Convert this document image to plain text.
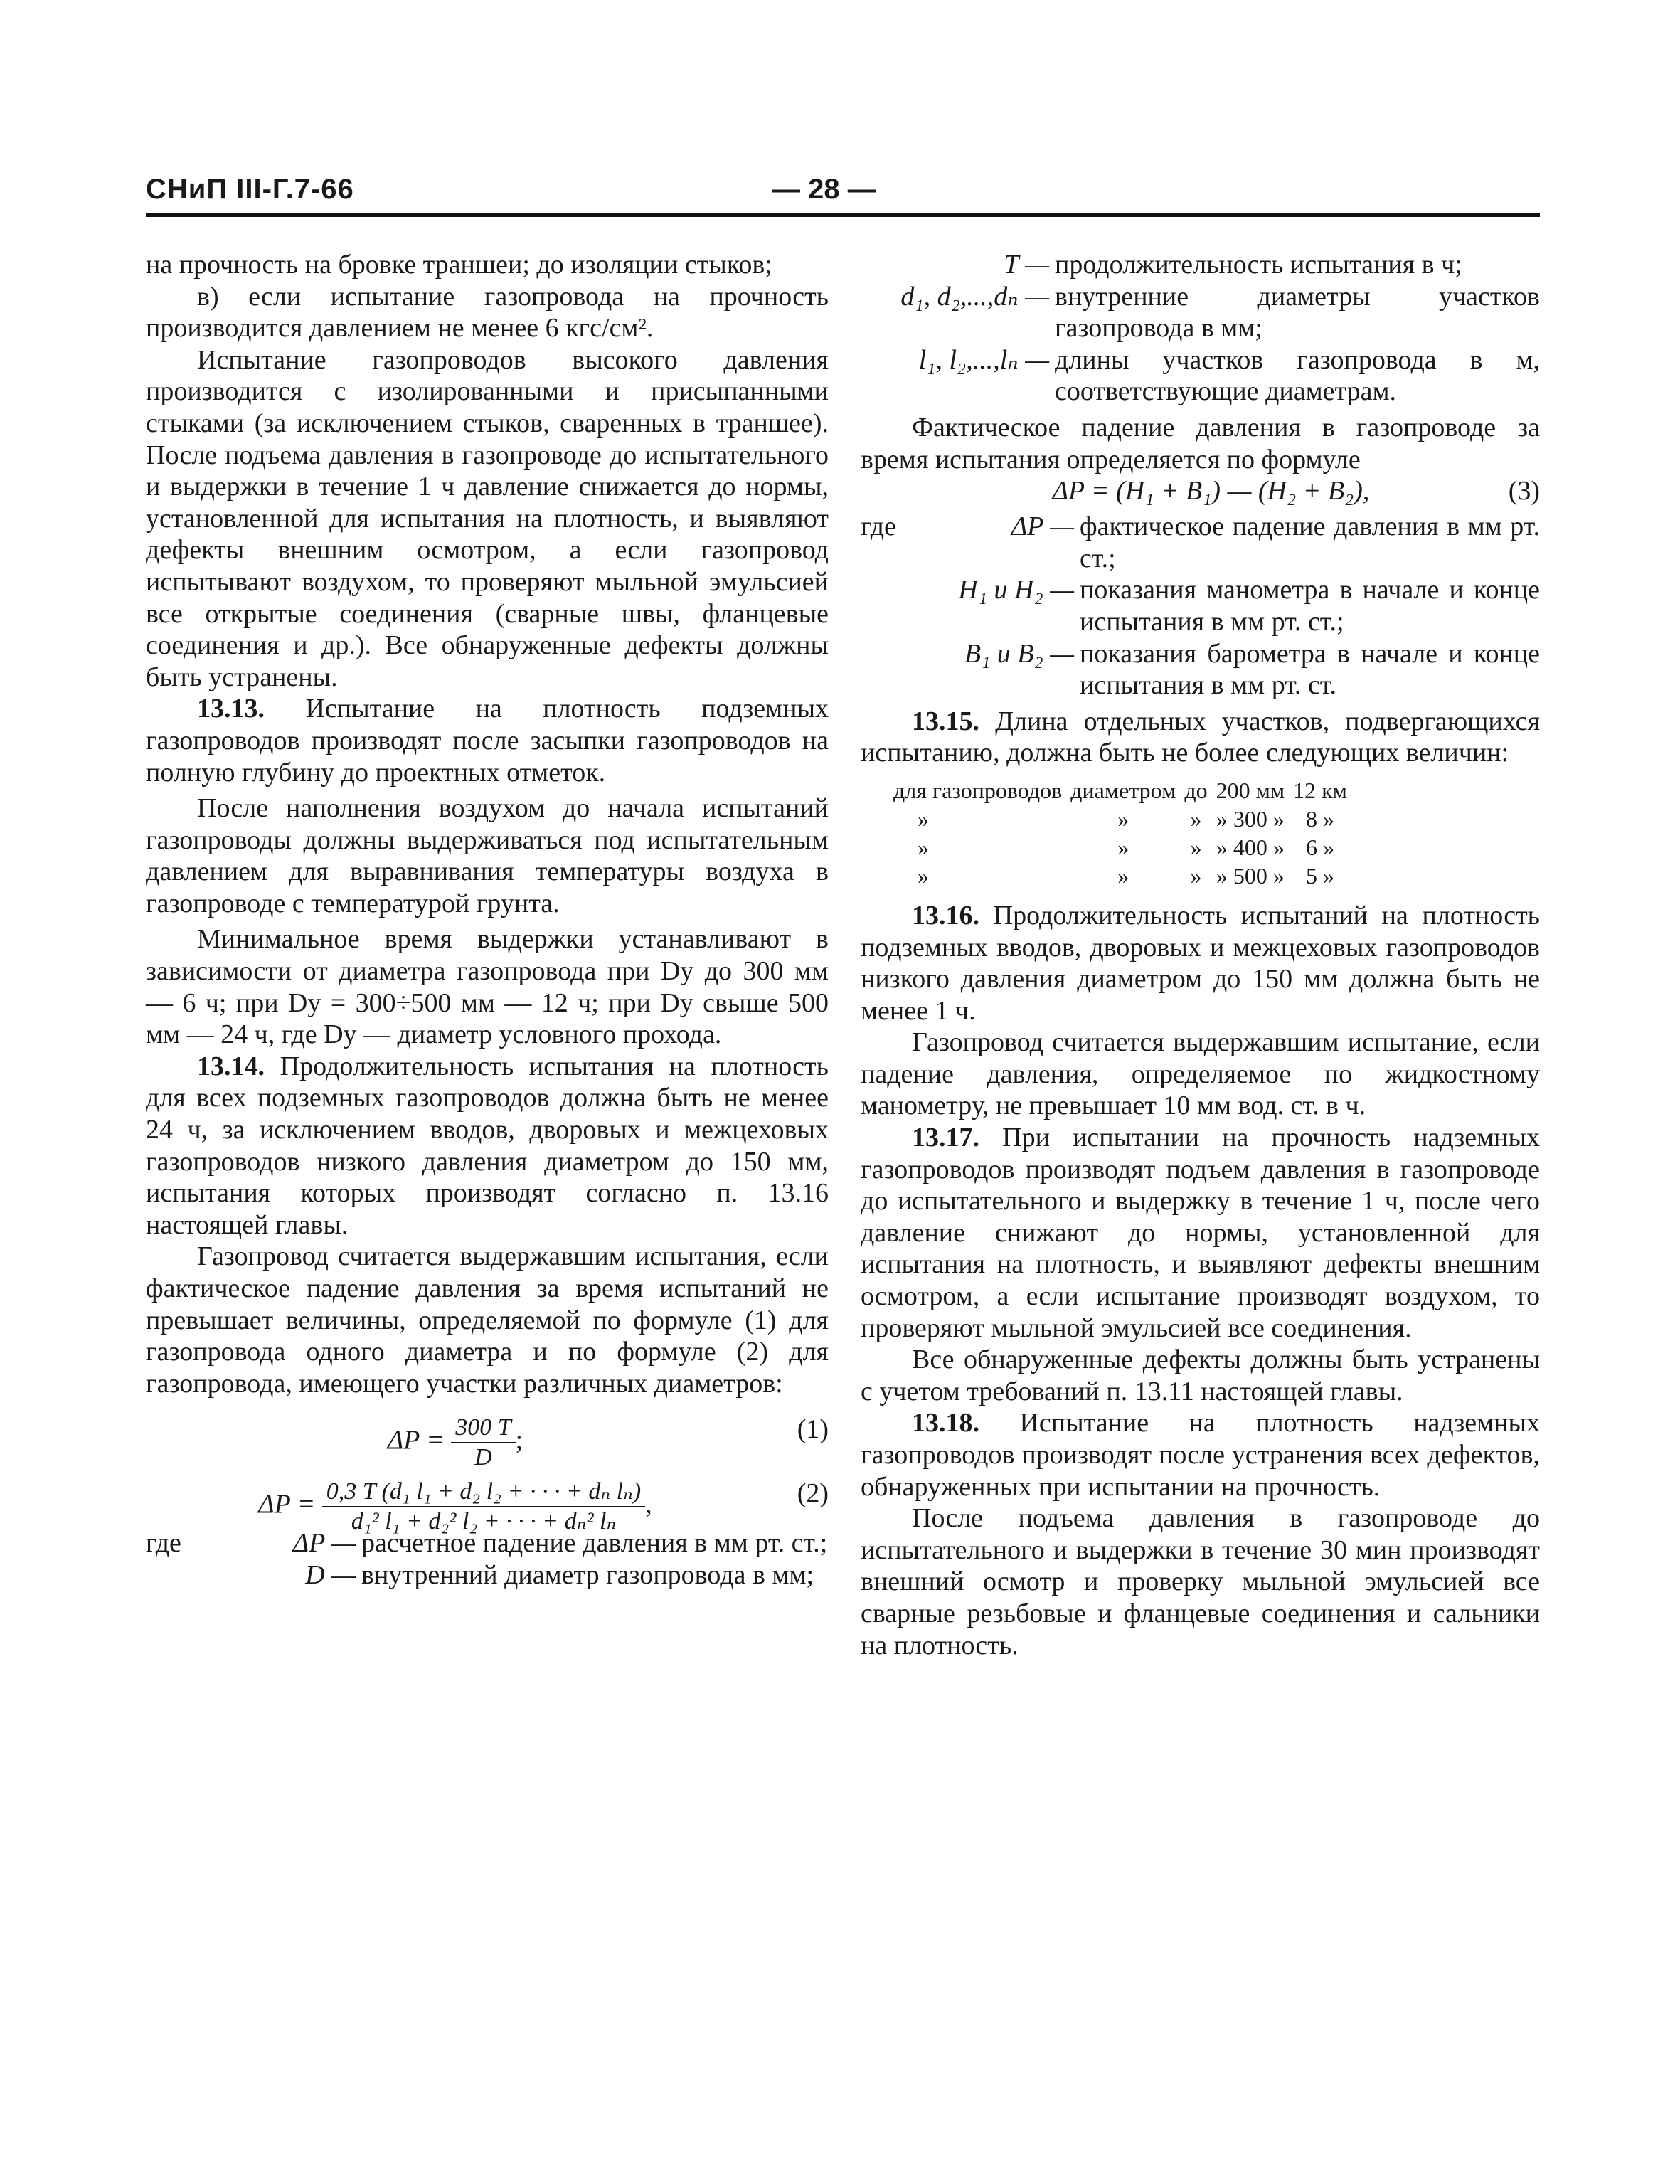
СНиП III-Г.7-66	— 28 —

на прочность на бровке траншеи; до изоляции стыков;

в) если испытание газопровода на прочность производится давлением не менее 6 кгс/см².

Испытание газопроводов высокого давления производится с изолированными и присыпанными стыками (за исключением стыков, сваренных в траншее). После подъема давления в газопроводе до испытательного и выдержки в течение 1 ч давление снижается до нормы, установленной для испытания на плотность, и выявляют дефекты внешним осмотром, а если газопровод испытывают воздухом, то проверяют мыльной эмульсией все открытые соединения (сварные швы, фланцевые соединения и др.). Все обнаруженные дефекты должны быть устранены.

13.13. Испытание на плотность подземных газопроводов производят после засыпки газопроводов на полную глубину до проектных отметок.

После наполнения воздухом до начала испытаний газопроводы должны выдерживаться под испытательным давлением для выравнивания температуры воздуха в газопроводе с температурой грунта.

Минимальное время выдержки устанавливают в зависимости от диаметра газопровода при Dу до 300 мм — 6 ч; при Dу = 300÷500 мм — 12 ч; при Dу свыше 500 мм — 24 ч, где Dу — диаметр условного прохода.

13.14. Продолжительность испытания на плотность для всех подземных газопроводов должна быть не менее 24 ч, за исключением вводов, дворовых и межцеховых газопроводов низкого давления диаметром до 150 мм, испытания которых производят согласно п. 13.16 настоящей главы.

Газопровод считается выдержавшим испытания, если фактическое падение давления за время испытаний не превышает величины, определяемой по формуле (1) для газопровода одного диаметра и по формуле (2) для газопровода, имеющего участки различных диаметров:

$\Delta P = \frac{300 T}{D}$ ;	(1)
$\Delta P = \frac{\text{0,3 T (d₁ l₁ + d₂ l₂ + · · · + dₙ lₙ)}}{\text{d₁² l₁ + d₂² l₂ + · · · + dₙ² lₙ}}$ ,	(2)
где	ΔP — расчетное падение давления в мм рт. ст.;
D — внутренний диаметр газопровода в мм;
T — продолжительность испытания в ч;
d₁, d₂,...,dₙ — внутренние диаметры участков газопровода в мм;
l₁, l₂,...,lₙ — длины участков газопровода в м, соответствующие диаметрам.

Фактическое падение давления в газопроводе за время испытания определяется по формуле

ΔP = (H₁ + B₁) — (H₂ + B₂),	(3)
где	ΔP — фактическое падение давления в мм рт. ст.;
H₁ и H₂ — показания манометра в начале и конце испытания в мм рт. ст.;
B₁ и B₂ — показания барометра в начале и конце испытания в мм рт. ст.

13.15. Длина отдельных участков, подвергающихся испытанию, должна быть не более следующих величин:

для газопроводов	диаметром	до	200 мм	12 км
»	»	»	» 300 »	8 »
»	»	»	» 400 »	6 »
»	»	»	» 500 »	5 »

13.16. Продолжительность испытаний на плотность подземных вводов, дворовых и межцеховых газопроводов низкого давления диаметром до 150 мм должна быть не менее 1 ч.

Газопровод считается выдержавшим испытание, если падение давления, определяемое по жидкостному манометру, не превышает 10 мм вод. ст. в ч.

13.17. При испытании на прочность надземных газопроводов производят подъем давления в газопроводе до испытательного и выдержку в течение 1 ч, после чего давление снижают до нормы, установленной для испытания на плотность, и выявляют дефекты внешним осмотром, а если испытание производят воздухом, то проверяют мыльной эмульсией все соединения.

Все обнаруженные дефекты должны быть устранены с учетом требований п. 13.11 настоящей главы.

13.18. Испытание на плотность надземных газопроводов производят после устранения всех дефектов, обнаруженных при испытании на прочность.

После подъема давления в газопроводе до испытательного и выдержки в течение 30 мин производят внешний осмотр и проверку мыльной эмульсией все сварные резьбовые и фланцевые соединения и сальники на плотность.
